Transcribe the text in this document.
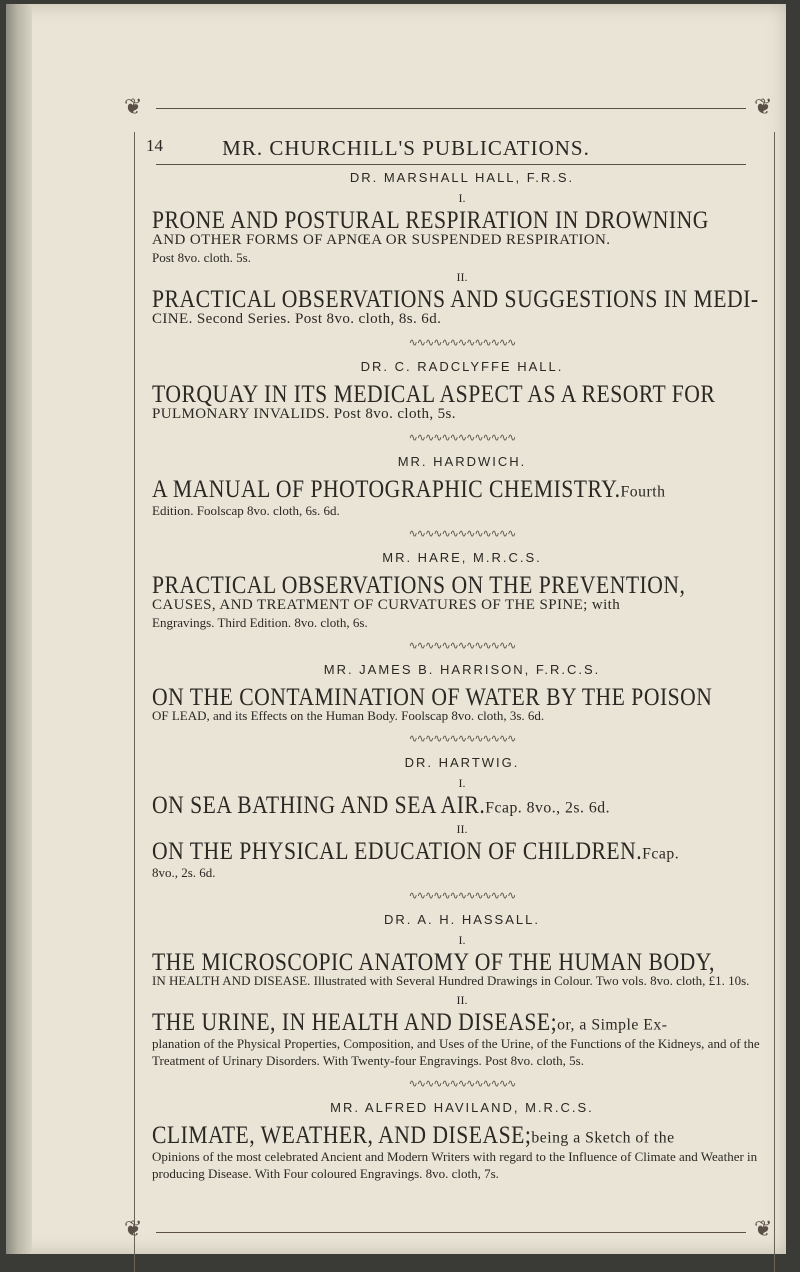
❦	❦
14	MR. CHURCHILL'S PUBLICATIONS.

DR. MARSHALL HALL, F.R.S.

I.

PRONE AND POSTURAL RESPIRATION IN DROWNING

AND OTHER FORMS OF APNŒA OR SUSPENDED RESPIRATION.

Post 8vo. cloth. 5s.

II.

PRACTICAL OBSERVATIONS AND SUGGESTIONS IN MEDI-

CINE. Second Series. Post 8vo. cloth, 8s. 6d.

∿∿∿∿∿∿∿∿∿∿∿∿∿

DR. C. RADCLYFFE HALL.

TORQUAY IN ITS MEDICAL ASPECT AS A RESORT FOR

PULMONARY INVALIDS. Post 8vo. cloth, 5s.

∿∿∿∿∿∿∿∿∿∿∿∿∿

MR. HARDWICH.

A MANUAL OF PHOTOGRAPHIC CHEMISTRY.Fourth

Edition. Foolscap 8vo. cloth, 6s. 6d.

∿∿∿∿∿∿∿∿∿∿∿∿∿

MR. HARE, M.R.C.S.

PRACTICAL OBSERVATIONS ON THE PREVENTION,

CAUSES, AND TREATMENT OF CURVATURES OF THE SPINE; with

Engravings. Third Edition. 8vo. cloth, 6s.

∿∿∿∿∿∿∿∿∿∿∿∿∿

MR. JAMES B. HARRISON, F.R.C.S.

ON THE CONTAMINATION OF WATER BY THE POISON

OF LEAD, and its Effects on the Human Body. Foolscap 8vo. cloth, 3s. 6d.

∿∿∿∿∿∿∿∿∿∿∿∿∿

DR. HARTWIG.

I.

ON SEA BATHING AND SEA AIR.Fcap. 8vo., 2s. 6d.

II.

ON THE PHYSICAL EDUCATION OF CHILDREN.Fcap.

8vo., 2s. 6d.

∿∿∿∿∿∿∿∿∿∿∿∿∿

DR. A. H. HASSALL.

I.

THE MICROSCOPIC ANATOMY OF THE HUMAN BODY,

IN HEALTH AND DISEASE. Illustrated with Several Hundred Drawings in Colour. Two vols. 8vo. cloth, £1. 10s.

II.

THE URINE, IN HEALTH AND DISEASE;or, a Simple Ex-

planation of the Physical Properties, Composition, and Uses of the Urine, of the Functions of the Kidneys, and of the Treatment of Urinary Disorders. With Twenty-four Engravings. Post 8vo. cloth, 5s.

∿∿∿∿∿∿∿∿∿∿∿∿∿

MR. ALFRED HAVILAND, M.R.C.S.

CLIMATE, WEATHER, AND DISEASE;being a Sketch of the

Opinions of the most celebrated Ancient and Modern Writers with regard to the Influence of Climate and Weather in producing Disease. With Four coloured Engravings. 8vo. cloth, 7s.

❦	❦
